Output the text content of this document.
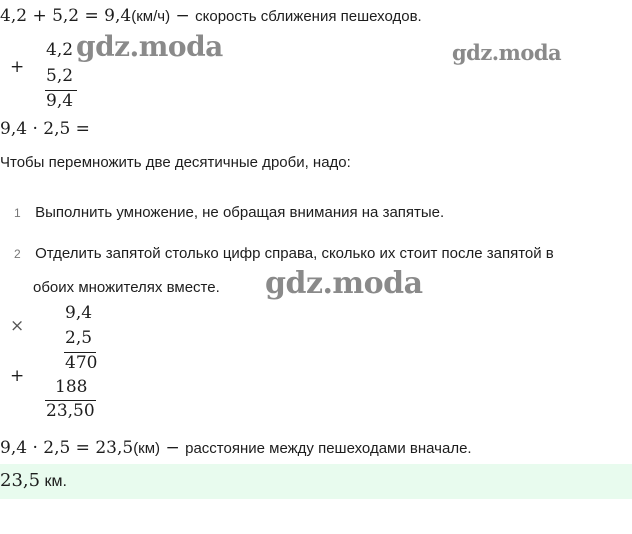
4,2 + 5,2 = 9,4(км/ч) − скорость сближения пешеходов.
+
4,2
5,2
9,4
gdz.moda	gdz.moda
9,4 · 2,5 =
Чтобы перемножить две десятичные дроби, надо:
1 Выполнить умножение, не обращая внимания на запятые.
2 Отделить запятой столько цифр справа, сколько их стоит после запятой в
обоих множителях вместе. gdz.moda
×
9,4
2,5
470
+
188
23,50
9,4 · 2,5 = 23,5(км) − расстояние между пешеходами вначале.
23,5 км.
